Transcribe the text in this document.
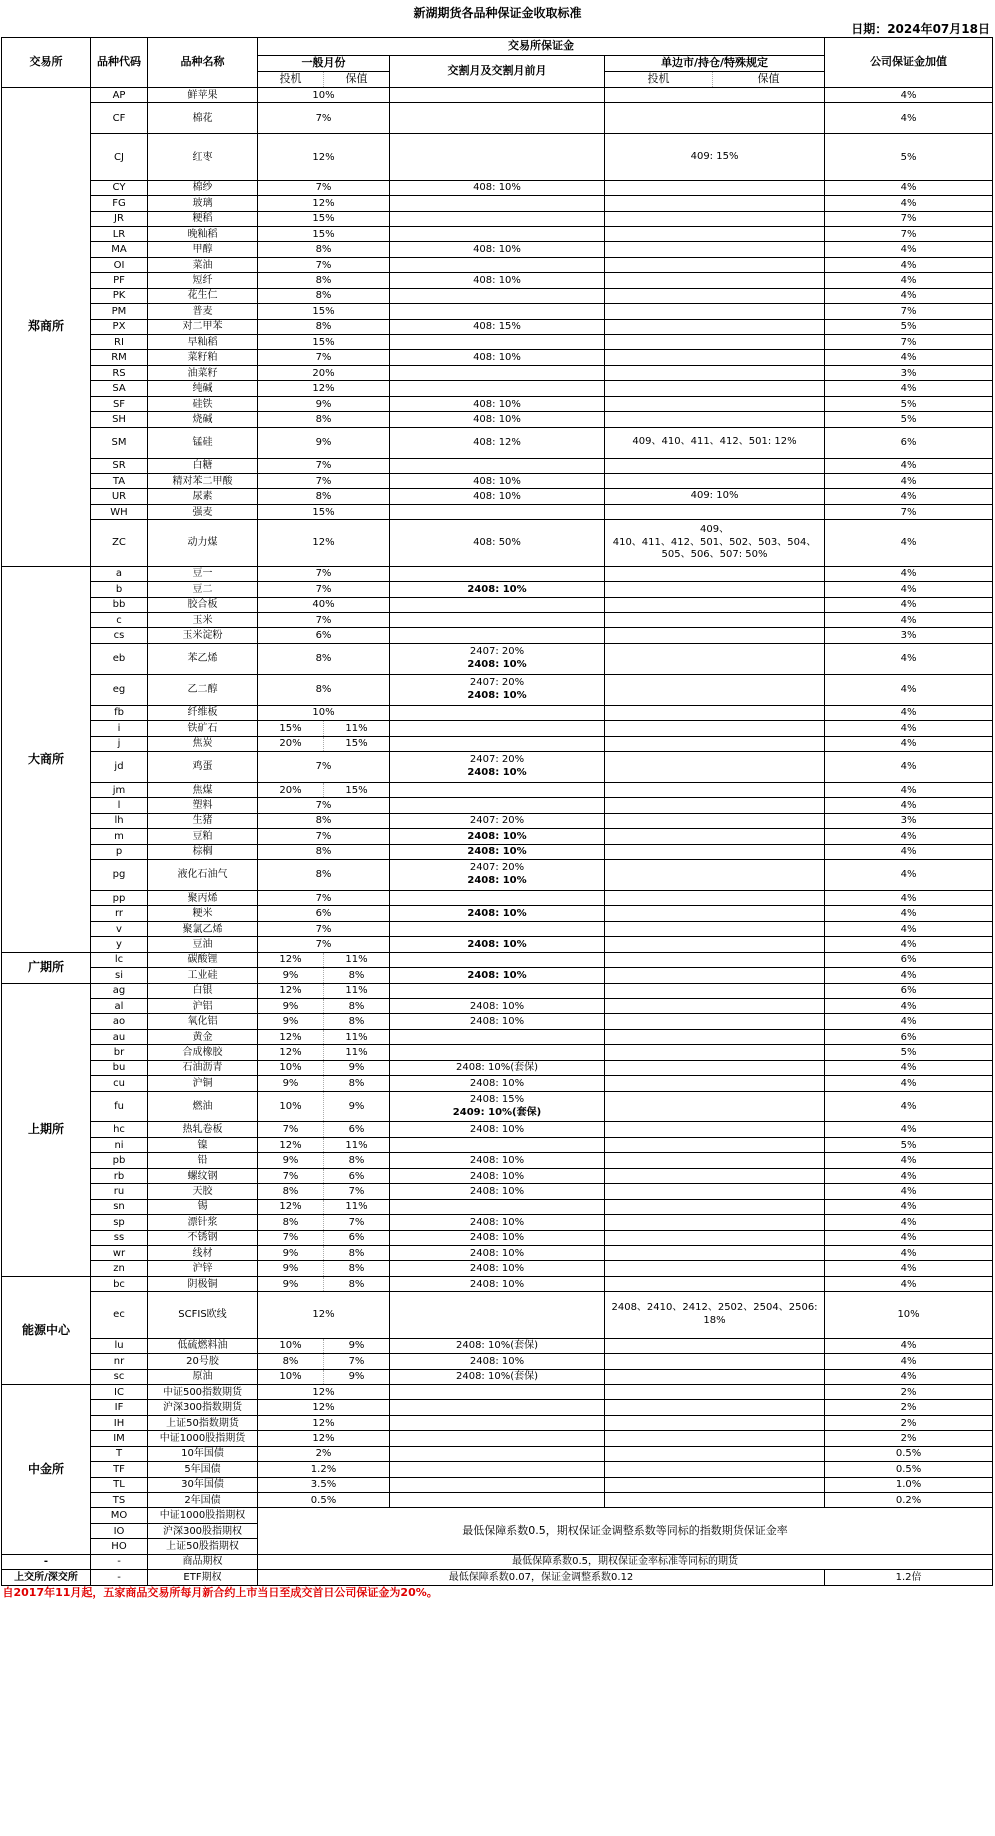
新湖期货各品种保证金收取标准
日期：2024年07月18日
交易所	品种代码	品种名称	交易所保证金					公司保证金加值
			一般月份		交割月及交割月前月	单边市/持仓/特殊规定		
			投机	保值		投机	保值	
郑商所	AP	鲜苹果	10%					4%
	CF	棉花	7%					4%
	CJ	红枣	12%			409: 15%		5%
	CY	棉纱	7%		408: 10%			4%
	FG	玻璃	12%					4%
	JR	粳稻	15%					7%
	LR	晚籼稻	15%					7%
	MA	甲醇	8%		408: 10%			4%
	OI	菜油	7%					4%
	PF	短纤	8%		408: 10%			4%
	PK	花生仁	8%					4%
	PM	普麦	15%					7%
	PX	对二甲苯	8%		408: 15%			5%
	RI	早籼稻	15%					7%
	RM	菜籽粕	7%		408: 10%			4%
	RS	油菜籽	20%					3%
	SA	纯碱	12%					4%
	SF	硅铁	9%		408: 10%			5%
	SH	烧碱	8%		408: 10%			5%
	SM	锰硅	9%		408: 12%	409、410、411、412、501: 12%		6%
	SR	白糖	7%					4%
	TA	精对苯二甲酸	7%		408: 10%			4%
	UR	尿素	8%		408: 10%	409: 10%		4%
	WH	强麦	15%					7%
	ZC	动力煤	12%		408: 50%	409、
410、411、412、501、502、503、504、
505、506、507: 50%		4%
大商所	a	豆一	7%					4%
	b	豆二	7%		2408: 10%			4%
	bb	胶合板	40%					4%
	c	玉米	7%					4%
	cs	玉米淀粉	6%					3%
	eb	苯乙烯	8%		2407: 20%
2408: 10%			4%
	eg	乙二醇	8%		2407: 20%
2408: 10%			4%
	fb	纤维板	10%					4%
	i	铁矿石	15%	11%				4%
	j	焦炭	20%	15%				4%
	jd	鸡蛋	7%		2407: 20%
2408: 10%			4%
	jm	焦煤	20%	15%				4%
	l	塑料	7%					4%
	lh	生猪	8%		2407: 20%			3%
	m	豆粕	7%		2408: 10%			4%
	p	棕榈	8%		2408: 10%			4%
	pg	液化石油气	8%		2407: 20%
2408: 10%			4%
	pp	聚丙烯	7%					4%
	rr	粳米	6%		2408: 10%			4%
	v	聚氯乙烯	7%					4%
	y	豆油	7%		2408: 10%			4%
广期所	lc	碳酸锂	12%	11%				6%
	si	工业硅	9%	8%	2408: 10%			4%
上期所	ag	白银	12%	11%				6%
	al	沪铝	9%	8%	2408: 10%			4%
	ao	氧化铝	9%	8%	2408: 10%			4%
	au	黄金	12%	11%				6%
	br	合成橡胶	12%	11%				5%
	bu	石油沥青	10%	9%	2408: 10%(套保)			4%
	cu	沪铜	9%	8%	2408: 10%			4%
	fu	燃油	10%	9%	2408: 15%
2409: 10%(套保)			4%
	hc	热轧卷板	7%	6%	2408: 10%			4%
	ni	镍	12%	11%				5%
	pb	铅	9%	8%	2408: 10%			4%
	rb	螺纹钢	7%	6%	2408: 10%			4%
	ru	天胶	8%	7%	2408: 10%			4%
	sn	锡	12%	11%				4%
	sp	漂针浆	8%	7%	2408: 10%			4%
	ss	不锈钢	7%	6%	2408: 10%			4%
	wr	线材	9%	8%	2408: 10%			4%
	zn	沪锌	9%	8%	2408: 10%			4%
能源中心	bc	阴极铜	9%	8%	2408: 10%			4%
	ec	SCFIS欧线	12%			2408、2410、2412、2502、2504、2506:
18%		10%
	lu	低硫燃料油	10%	9%	2408: 10%(套保)			4%
	nr	20号胶	8%	7%	2408: 10%			4%
	sc	原油	10%	9%	2408: 10%(套保)			4%
中金所	IC	中证500指数期货	12%					2%
	IF	沪深300指数期货	12%					2%
	IH	上证50指数期货	12%					2%
	IM	中证1000股指期货	12%					2%
	T	10年国债	2%					0.5%
	TF	5年国债	1.2%					0.5%
	TL	30年国债	3.5%					1.0%
	TS	2年国债	0.5%					0.2%
	MO	中证1000股指期权	最低保障系数0.5，期权保证金调整系数等同标的指数期货保证金率					
	IO	沪深300股指期权						
	HO	上证50股指期权						
-	-	商品期权	最低保障系数0.5，期权保证金率标准等同标的期货					
上交所/深交所	-	ETF期权	最低保障系数0.07，保证金调整系数0.12					1.2倍
自2017年11月起，五家商品交易所每月新合约上市当日至成交首日公司保证金为20%。								
